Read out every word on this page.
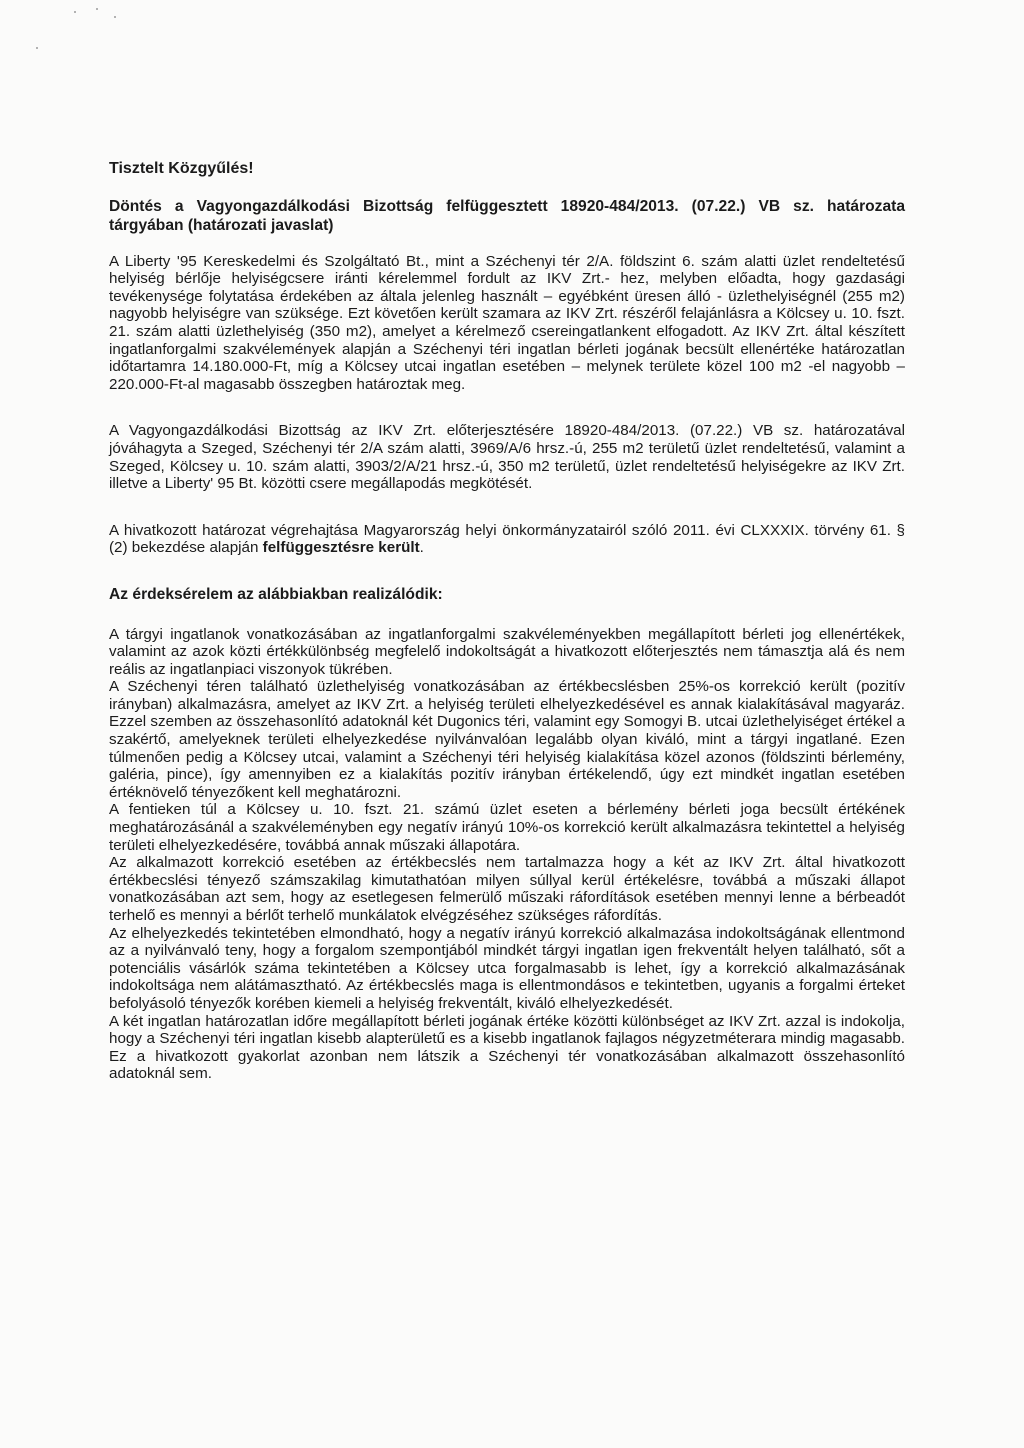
Tisztelt Közgyűlés!
Döntés a Vagyongazdálkodási Bizottság felfüggesztett 18920-484/2013. (07.22.) VB sz. határozata tárgyában (határozati javaslat)

A Liberty '95 Kereskedelmi és Szolgáltató Bt., mint a Széchenyi tér 2/A. földszint 6. szám alatti üzlet rendeltetésű helyiség bérlője helyiségcsere iránti kérelemmel fordult az IKV Zrt.- hez, melyben előadta, hogy gazdasági tevékenysége folytatása érdekében az általa jelenleg használt – egyébként üresen álló - üzlethelyiségnél (255 m2) nagyobb helyiségre van szüksége. Ezt követően került szamara az IKV Zrt. részéről felajánlásra a Kölcsey u. 10. fszt. 21. szám alatti üzlethelyiség (350 m2), amelyet a kérelmező csereingatlankent elfogadott. Az IKV Zrt. által készített ingatlanforgalmi szakvélemények alapján a Széchenyi téri ingatlan bérleti jogának becsült ellenértéke határozatlan időtartamra 14.180.000-Ft, míg a Kölcsey utcai ingatlan esetében – melynek területe közel 100 m2 -el nagyobb – 220.000-Ft-al magasabb összegben határoztak meg.

A Vagyongazdálkodási Bizottság az IKV Zrt. előterjesztésére 18920-484/2013. (07.22.) VB sz. határozatával jóváhagyta a Szeged, Széchenyi tér 2/A szám alatti, 3969/A/6 hrsz.-ú, 255 m2 területű üzlet rendeltetésű, valamint a Szeged, Kölcsey u. 10. szám alatti, 3903/2/A/21 hrsz.-ú, 350 m2 területű, üzlet rendeltetésű helyiségekre az IKV Zrt. illetve a Liberty' 95 Bt. közötti csere megállapodás megkötését.

A hivatkozott határozat végrehajtása Magyarország helyi önkormányzatairól szóló 2011. évi CLXXXIX. törvény 61. § (2) bekezdése alapján felfüggesztésre került.

Az érdeksérelem az alábbiakban realizálódik:

A tárgyi ingatlanok vonatkozásában az ingatlanforgalmi szakvéleményekben megállapított bérleti jog ellenértékek, valamint az azok közti értékkülönbség megfelelő indokoltságát a hivatkozott előterjesztés nem támasztja alá és nem reális az ingatlanpiaci viszonyok tükrében.

A Széchenyi téren található üzlethelyiség vonatkozásában az értékbecslésben 25%-os korrekció került (pozitív irányban) alkalmazásra, amelyet az IKV Zrt. a helyiség területi elhelyezkedésével es annak kialakításával magyaráz. Ezzel szemben az összehasonlító adatoknál két Dugonics téri, valamint egy Somogyi B. utcai üzlethelyiséget értékel a szakértő, amelyeknek területi elhelyezkedése nyilvánvalóan legalább olyan kiváló, mint a tárgyi ingatlané. Ezen túlmenően pedig a Kölcsey utcai, valamint a Széchenyi téri helyiség kialakítása közel azonos (földszinti bérlemény, galéria, pince), így amennyiben ez a kialakítás pozitív irányban értékelendő, úgy ezt mindkét ingatlan esetében értéknövelő tényezőkent kell meghatározni.

A fentieken túl a Kölcsey u. 10. fszt. 21. számú üzlet eseten a bérlemény bérleti joga becsült értékének meghatározásánál a szakvéleményben egy negatív irányú 10%-os korrekció került alkalmazásra tekintettel a helyiség területi elhelyezkedésére, továbbá annak műszaki állapotára.

Az alkalmazott korrekció esetében az értékbecslés nem tartalmazza hogy a két az IKV Zrt. által hivatkozott értékbecslési tényező számszakilag kimutathatóan milyen súllyal kerül értékelésre, továbbá a műszaki állapot vonatkozásában azt sem, hogy az esetlegesen felmerülő műszaki ráfordítások esetében mennyi lenne a bérbeadót terhelő es mennyi a bérlőt terhelő munkálatok elvégzéséhez szükséges ráfordítás.

Az elhelyezkedés tekintetében elmondható, hogy a negatív irányú korrekció alkalmazása indokoltságának ellentmond az a nyilvánvaló teny, hogy a forgalom szempontjából mindkét tárgyi ingatlan igen frekventált helyen található, sőt a potenciális vásárlók száma tekintetében a Kölcsey utca forgalmasabb is lehet, így a korrekció alkalmazásának indokoltsága nem alátámasztható. Az értékbecslés maga is ellentmondásos e tekintetben, ugyanis a forgalmi érteket befolyásoló tényezők korében kiemeli a helyiség frekventált, kiváló elhelyezkedését.

A két ingatlan határozatlan időre megállapított bérleti jogának értéke közötti különbséget az IKV Zrt. azzal is indokolja, hogy a Széchenyi téri ingatlan kisebb alapterületű es a kisebb ingatlanok fajlagos négyzetméterara mindig magasabb. Ez a hivatkozott gyakorlat azonban nem látszik a Széchenyi tér vonatkozásában alkalmazott összehasonlító adatoknál sem.
